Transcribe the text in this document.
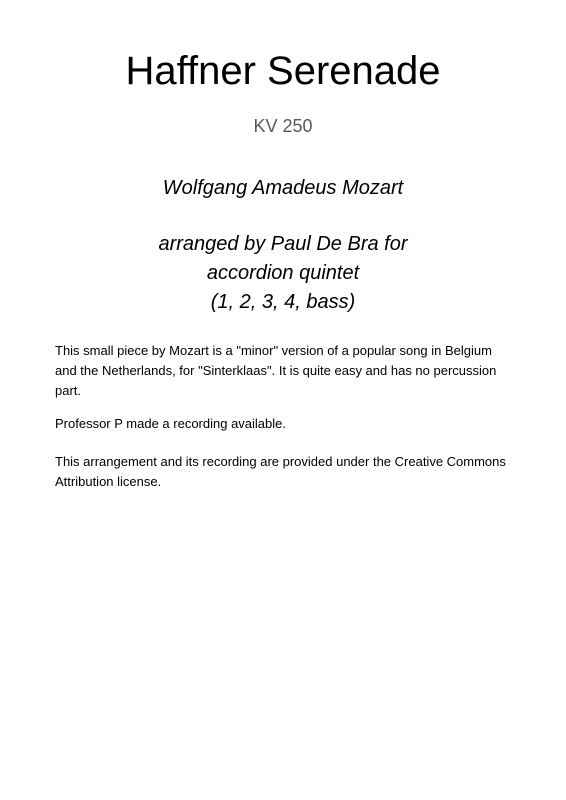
Haffner Serenade
KV 250
Wolfgang Amadeus Mozart
arranged by Paul De Bra for
accordion quintet
(1, 2, 3, 4, bass)

This small piece by Mozart is a "minor" version of a popular song in Belgium and the Netherlands, for "Sinterklaas". It is quite easy and has no percussion part.

Professor P made a recording available.

This arrangement and its recording are provided under the Creative Commons Attribution license.
